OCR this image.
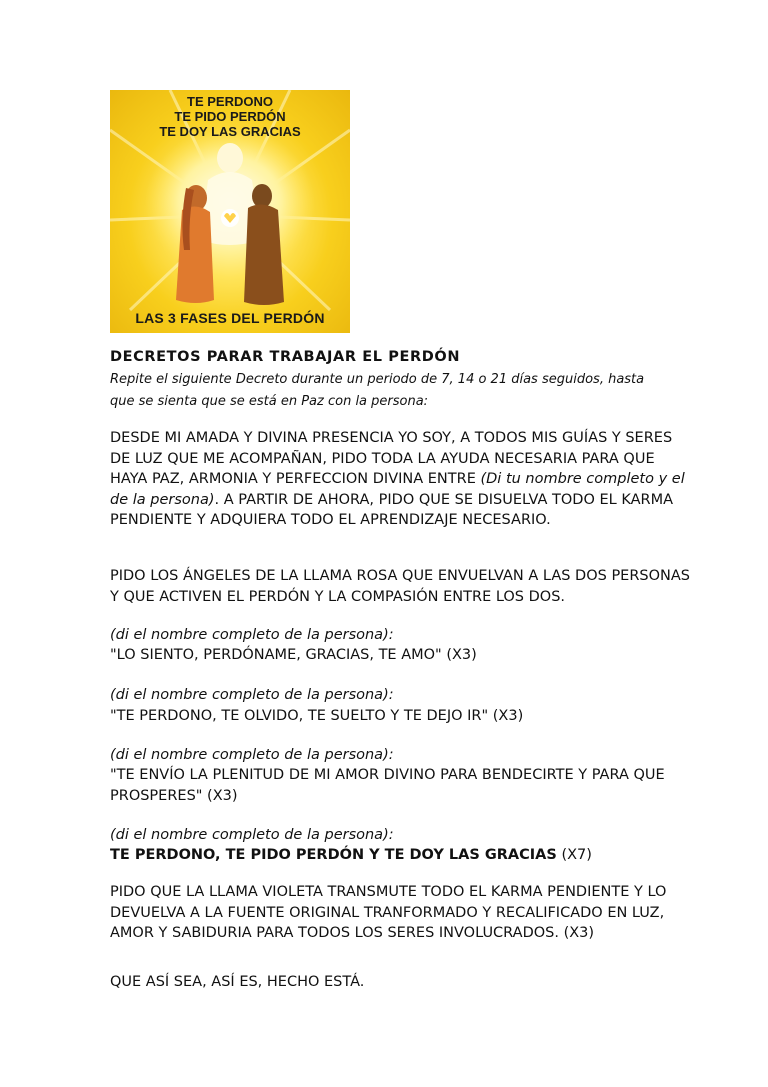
TE PERDONO
TE PIDO PERDÓN
TE DOY LAS GRACIAS
LAS 3 FASES DEL PERDÓN
DECRETOS PARAR TRABAJAR EL PERDÓN

Repite el siguiente Decreto durante un periodo de 7, 14 o 21 días seguidos, hasta que se sienta que se está en Paz con la persona:

DESDE MI AMADA Y DIVINA PRESENCIA YO SOY, A TODOS MIS GUÍAS Y SERES DE LUZ QUE ME ACOMPAÑAN, PIDO TODA LA AYUDA NECESARIA PARA QUE HAYA PAZ, ARMONIA Y PERFECCION DIVINA ENTRE (Di tu nombre completo y el de la persona). A PARTIR DE AHORA, PIDO QUE SE DISUELVA TODO EL KARMA PENDIENTE Y ADQUIERA TODO EL APRENDIZAJE NECESARIO.

PIDO LOS ÁNGELES DE LA LLAMA ROSA QUE ENVUELVAN A LAS DOS PERSONAS Y QUE ACTIVEN EL PERDÓN Y LA COMPASIÓN ENTRE LOS DOS.

(di el nombre completo de la persona):

"LO SIENTO, PERDÓNAME, GRACIAS, TE AMO" (X3)

(di el nombre completo de la persona):

"TE PERDONO, TE OLVIDO, TE SUELTO Y TE DEJO IR" (X3)

(di el nombre completo de la persona):

"TE ENVÍO LA PLENITUD DE MI AMOR DIVINO PARA BENDECIRTE Y PARA QUE PROSPERES" (X3)

(di el nombre completo de la persona):

TE PERDONO, TE PIDO PERDÓN Y TE DOY LAS GRACIAS (X7)

PIDO QUE LA LLAMA VIOLETA TRANSMUTE TODO EL KARMA PENDIENTE Y LO DEVUELVA A LA FUENTE ORIGINAL TRANFORMADO Y RECALIFICADO EN LUZ, AMOR Y SABIDURIA PARA TODOS LOS SERES INVOLUCRADOS. (X3)

QUE ASÍ SEA, ASÍ ES, HECHO ESTÁ.
